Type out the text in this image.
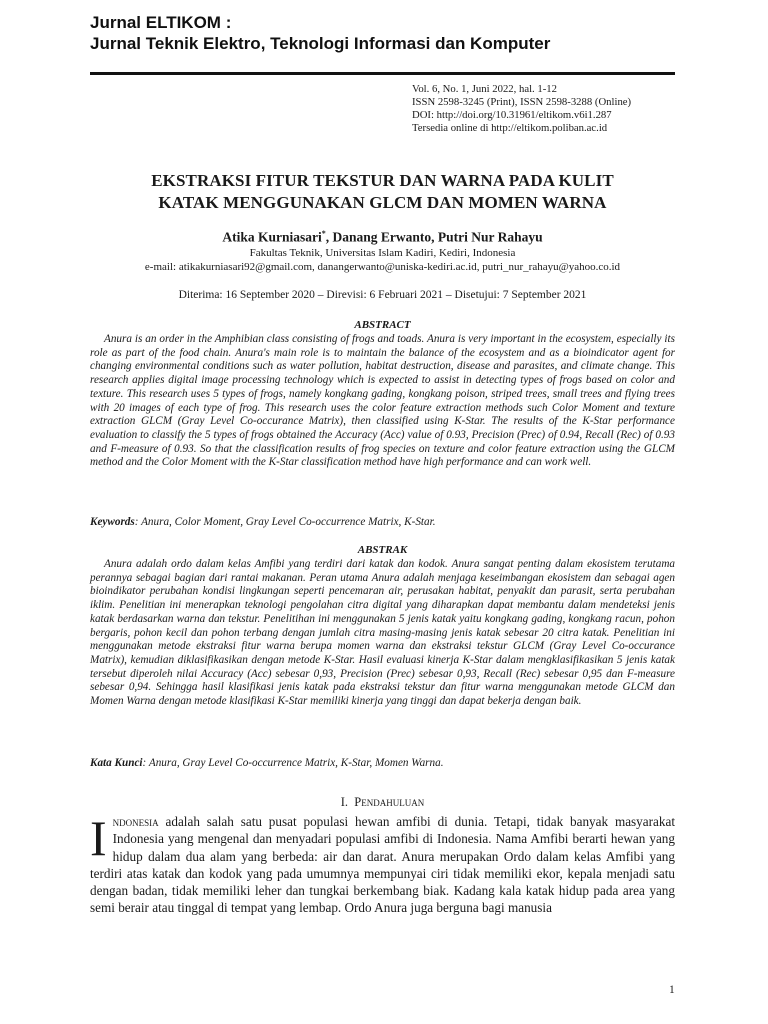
Jurnal ELTIKOM :
Jurnal Teknik Elektro, Teknologi Informasi dan Komputer
Vol. 6, No. 1, Juni 2022, hal. 1-12
ISSN 2598-3245 (Print), ISSN 2598-3288 (Online)
DOI: http://doi.org/10.31961/eltikom.v6i1.287
Tersedia online di http://eltikom.poliban.ac.id
EKSTRAKSI FITUR TEKSTUR DAN WARNA PADA KULIT
KATAK MENGGUNAKAN GLCM DAN MOMEN WARNA
Atika Kurniasari*, Danang Erwanto, Putri Nur Rahayu
Fakultas Teknik, Universitas Islam Kadiri, Kediri, Indonesia
e-mail: atikakurniasari92@gmail.com, danangerwanto@uniska-kediri.ac.id, putri_nur_rahayu@yahoo.co.id
Diterima: 16 September 2020 – Direvisi: 6 Februari 2021 – Disetujui: 7 September 2021
ABSTRACT

Anura is an order in the Amphibian class consisting of frogs and toads. Anura is very important in the ecosystem, especially its role as part of the food chain. Anura's main role is to maintain the balance of the ecosystem and as a bioindicator agent for changing environmental conditions such as water pollution, habitat destruction, disease and parasites, and climate change. This research applies digital image processing technology which is expected to assist in detecting types of frogs based on color and texture. This research uses 5 types of frogs, namely kongkang gading, kongkang poison, striped trees, small trees and flying trees with 20 images of each type of frog. This research uses the color feature extraction methods such Color Moment and texture extraction GLCM (Gray Level Co-occurance Matrix), then classified using K-Star. The results of the K-Star performance evaluation to classify the 5 types of frogs obtained the Accuracy (Acc) value of 0.93, Precision (Prec) of 0.94, Recall (Rec) of 0.93 and F-measure of 0.93. So that the classification results of frog species on texture and color feature extraction using the GLCM method and the Color Moment with the K-Star classification method have high performance and can work well.

Keywords: Anura, Color Moment, Gray Level Co-occurrence Matrix, K-Star.
ABSTRAK

Anura adalah ordo dalam kelas Amfibi yang terdiri dari katak dan kodok. Anura sangat penting dalam ekosistem terutama perannya sebagai bagian dari rantai makanan. Peran utama Anura adalah menjaga keseimbangan ekosistem dan sebagai agen bioindikator perubahan kondisi lingkungan seperti pencemaran air, perusakan habitat, penyakit dan parasit, serta perubahan iklim. Penelitian ini menerapkan teknologi pengolahan citra digital yang diharapkan dapat membantu dalam mendeteksi jenis katak berdasarkan warna dan tekstur. Penelitihan ini menggunakan 5 jenis katak yaitu kongkang gading, kongkang racun, pohon bergaris, pohon kecil dan pohon terbang dengan jumlah citra masing-masing jenis katak sebesar 20 citra katak. Penelitian ini menggunakan metode ekstraksi fitur warna berupa momen warna dan ekstraksi tekstur GLCM (Gray Level Co-occurance Matrix), kemudian diklasifikasikan dengan metode K-Star. Hasil evaluasi kinerja K-Star dalam mengklasifikasikan 5 jenis katak tersebut diperoleh nilai Accuracy (Acc) sebesar 0,93, Precision (Prec) sebesar 0,93, Recall (Rec) sebesar 0,95 dan F-measure sebesar 0,94. Sehingga hasil klasifikasi jenis katak pada ekstraksi tekstur dan fitur warna menggunakan metode GLCM dan Momen Warna dengan metode klasifikasi K-Star memiliki kinerja yang tinggi dan dapat bekerja dengan baik.

Kata Kunci: Anura, Gray Level Co-occurrence Matrix, K-Star, Momen Warna.
I. Pendahuluan

Indonesia adalah salah satu pusat populasi hewan amfibi di dunia. Tetapi, tidak banyak masyarakat Indonesia yang mengenal dan menyadari populasi amfibi di Indonesia. Nama Amfibi berarti hewan yang hidup dalam dua alam yang berbeda: air dan darat. Anura merupakan Ordo dalam kelas Amfibi yang terdiri atas katak dan kodok yang pada umumnya mempunyai ciri tidak memiliki ekor, kepala menjadi satu dengan badan, tidak memiliki leher dan tungkai berkembang biak. Kadang kala katak hidup pada area yang semi berair atau tinggal di tempat yang lembap. Ordo Anura juga berguna bagi manusia

1
